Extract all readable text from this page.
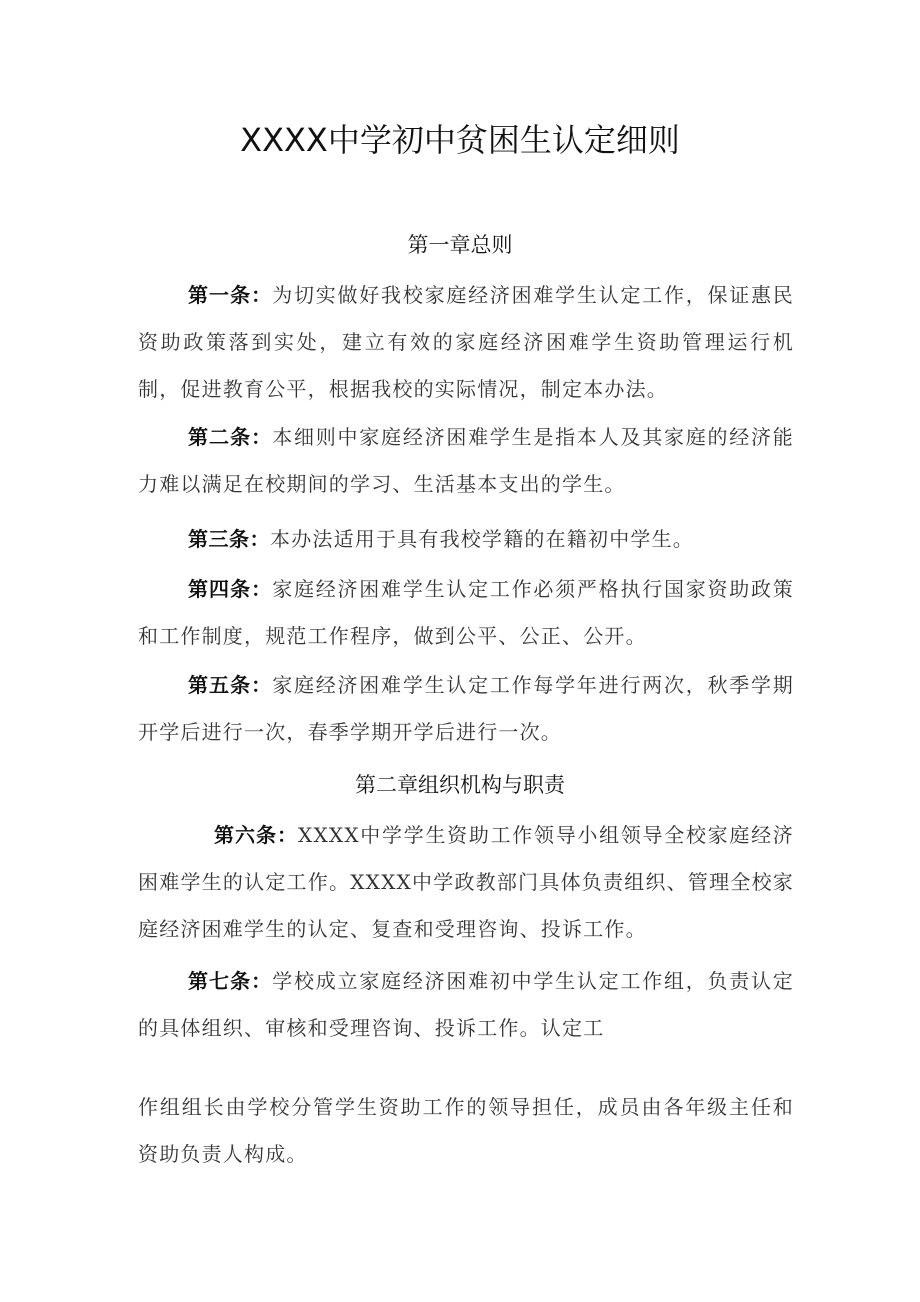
XXXX中学初中贫困生认定细则
第一章总则

第一条：为切实做好我校家庭经济困难学生认定工作，保证惠民资助政策落到实处，建立有效的家庭经济困难学生资助管理运行机制，促进教育公平，根据我校的实际情况，制定本办法。

第二条：本细则中家庭经济困难学生是指本人及其家庭的经济能力难以满足在校期间的学习、生活基本支出的学生。

第三条：本办法适用于具有我校学籍的在籍初中学生。

第四条：家庭经济困难学生认定工作必须严格执行国家资助政策和工作制度，规范工作程序，做到公平、公正、公开。

第五条：家庭经济困难学生认定工作每学年进行两次，秋季学期开学后进行一次，春季学期开学后进行一次。

第二章组织机构与职责

第六条：XXXX中学学生资助工作领导小组领导全校家庭经济困难学生的认定工作。XXXX中学政教部门具体负责组织、管理全校家庭经济困难学生的认定、复查和受理咨询、投诉工作。

第七条：学校成立家庭经济困难初中学生认定工作组，负责认定的具体组织、审核和受理咨询、投诉工作。认定工

作组组长由学校分管学生资助工作的领导担任，成员由各年级主任和资助负责人构成。
